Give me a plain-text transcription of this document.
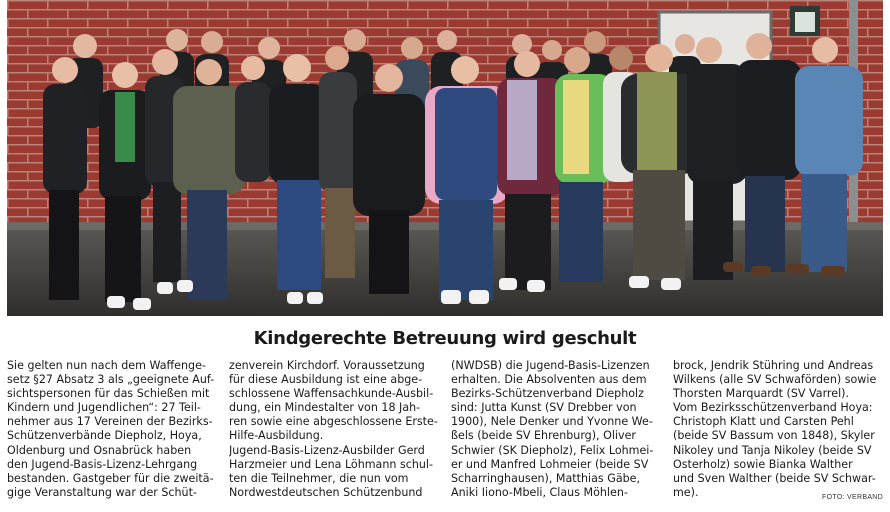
Kindgerechte Betreuung wird geschult
Sie gelten nun nach dem Waffenge-
setz §27 Absatz 3 als „geeignete Auf-
sichtspersonen für das Schießen mit
Kindern und Jugendlichen“: 27 Teil-
nehmer aus 17 Vereinen der Bezirks-
Schützenverbände Diepholz, Hoya,
Oldenburg und Osnabrück haben
den Jugend-Basis-Lizenz-Lehrgang
bestanden. Gastgeber für die zweitä-
gige Veranstaltung war der Schüt-
zenverein Kirchdorf. Voraussetzung
für diese Ausbildung ist eine abge-
schlossene Waffensachkunde-Ausbil-
dung, ein Mindestalter von 18 Jah-
ren sowie eine abgeschlossene Erste-
Hilfe-Ausbildung.
Jugend-Basis-Lizenz-Ausbilder Gerd
Harzmeier und Lena Löhmann schul-
ten die Teilnehmer, die nun vom
Nordwestdeutschen Schützenbund
(NWDSB) die Jugend-Basis-Lizenzen
erhalten. Die Absolventen aus dem
Bezirks-Schützenverband Diepholz
sind: Jutta Kunst (SV Drebber von
1900), Nele Denker und Yvonne We-
ßels (beide SV Ehrenburg), Oliver
Schwier (SK Diepholz), Felix Lohmei-
er und Manfred Lohmeier (beide SV
Scharringhausen), Matthias Gäbe,
Aniki Iiono-Mbeli, Claus Möhlen-
brock, Jendrik Stühring und Andreas
Wilkens (alle SV Schwaförden) sowie
Thorsten Marquardt (SV Varrel).
Vom Bezirksschützenverband Hoya:
Christoph Klatt und Carsten Pehl
(beide SV Bassum von 1848), Skyler
Nikoley und Tanja Nikoley (beide SV
Osterholz) sowie Bianka Walther
und Sven Walther (beide SV Schwar-
me).	FOTO: VERBAND
